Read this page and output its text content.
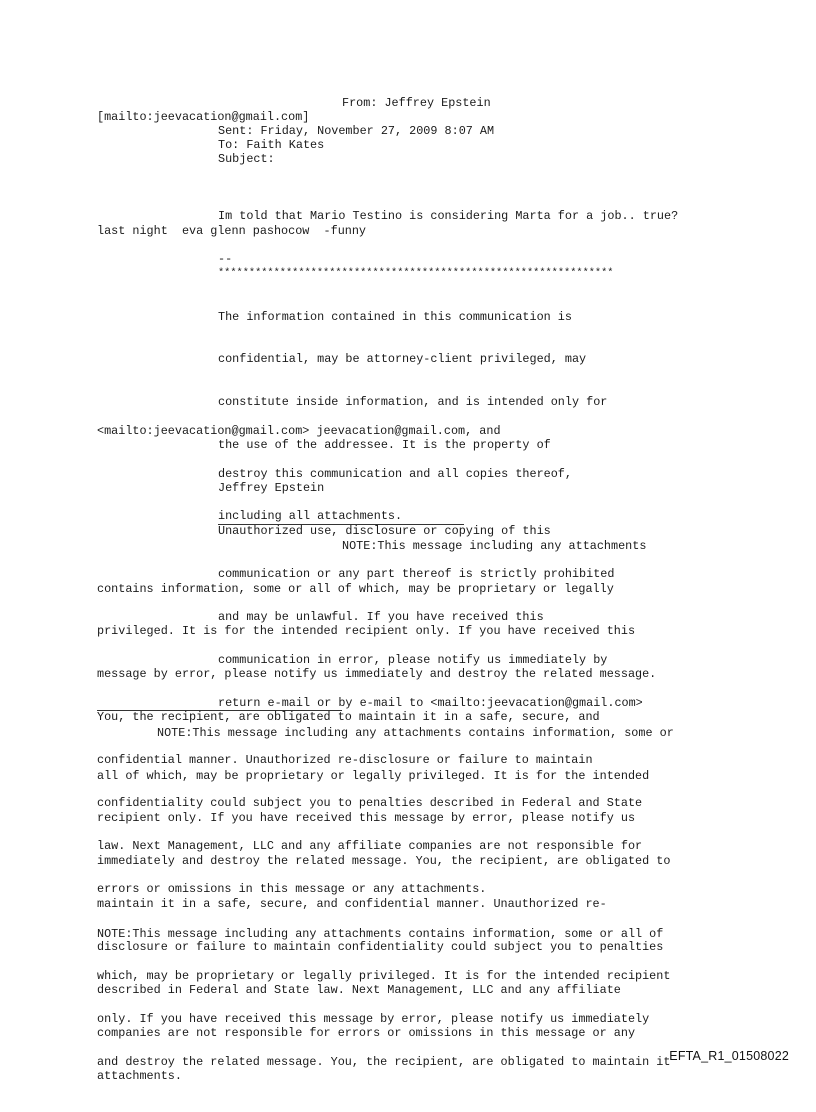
From: Jeffrey Epstein
[mailto:jeevacation@gmail.com]
Sent: Friday, November 27, 2009 8:07 AM
To: Faith Kates
Subject:
Im told that Mario Testino is considering Marta for a job.. true?
last night  eva glenn pashocow  -funny
--
****************************************************************

The information contained in this communication is

confidential, may be attorney-client privileged, may

constitute inside information, and is intended only for

the use of the addressee. It is the property of

Jeffrey Epstein

Unauthorized use, disclosure or copying of this

communication or any part thereof is strictly prohibited

and may be unlawful. If you have received this

communication in error, please notify us immediately by

return e-mail or by e-mail to <mailto:jeevacation@gmail.com>

<mailto:jeevacation@gmail.com> jeevacation@gmail.com, and

destroy this communication and all copies thereof,

including all attachments.

NOTE:This message including any attachments

contains information, some or all of which, may be proprietary or legally

privileged. It is for the intended recipient only. If you have received this

message by error, please notify us immediately and destroy the related message.

You, the recipient, are obligated to maintain it in a safe, secure, and

confidential manner. Unauthorized re-disclosure or failure to maintain

confidentiality could subject you to penalties described in Federal and State

law. Next Management, LLC and any affiliate companies are not responsible for

errors or omissions in this message or any attachments.

NOTE:This message including any attachments contains information, some or

all of which, may be proprietary or legally privileged. It is for the intended

recipient only. If you have received this message by error, please notify us

immediately and destroy the related message. You, the recipient, are obligated to

maintain it in a safe, secure, and confidential manner. Unauthorized re-

disclosure or failure to maintain confidentiality could subject you to penalties

described in Federal and State law. Next Management, LLC and any affiliate

companies are not responsible for errors or omissions in this message or any

attachments.

NOTE:This message including any attachments contains information, some or all of

which, may be proprietary or legally privileged. It is for the intended recipient

only. If you have received this message by error, please notify us immediately

and destroy the related message. You, the recipient, are obligated to maintain it

EFTA_R1_01508022
